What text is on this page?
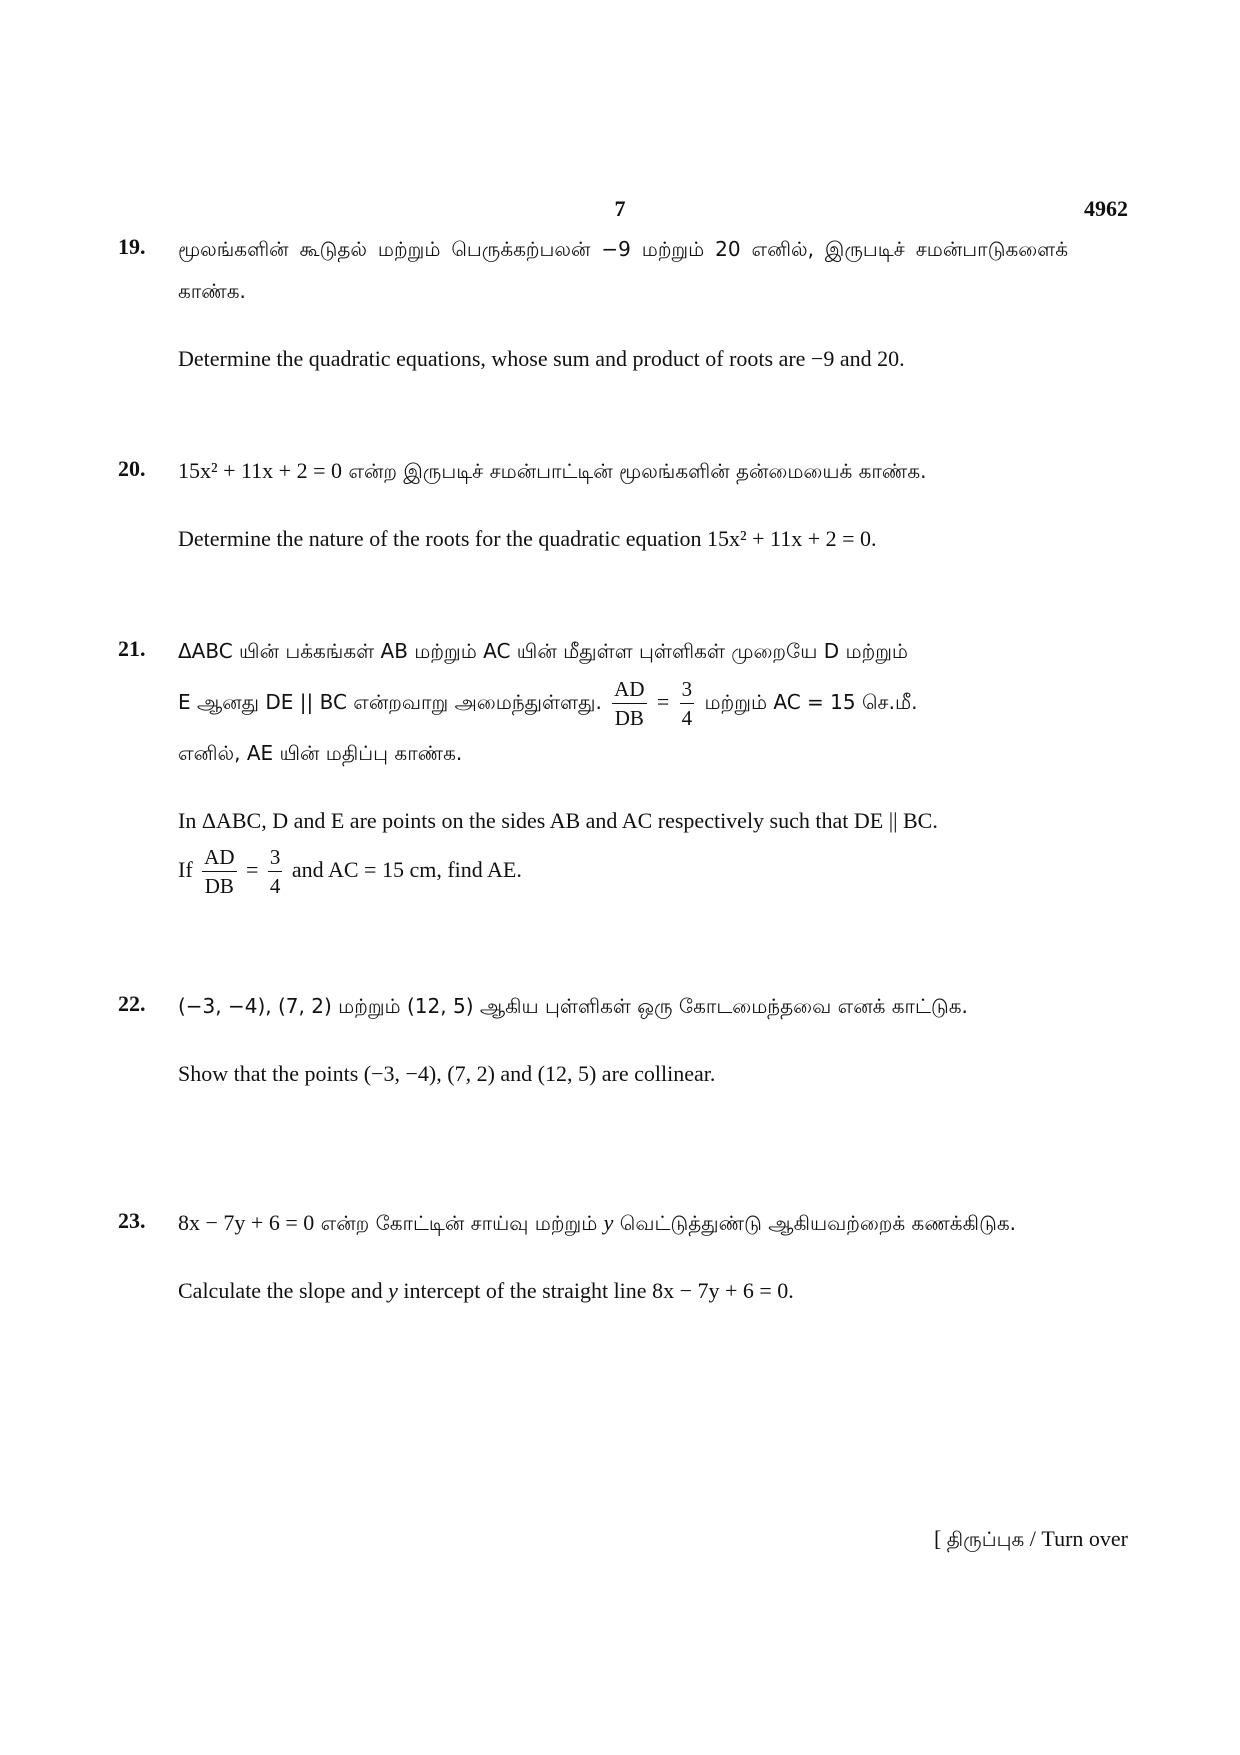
7	4962
19. மூலங்களின் கூடுதல் மற்றும் பெருக்கற்பலன் −9 மற்றும் 20 எனில், இருபடிச் சமன்பாடுகளைக் காண்க.

Determine the quadratic equations, whose sum and product of roots are −9 and 20.

20. 15x² + 11x + 2 = 0 என்ற இருபடிச் சமன்பாட்டின் மூலங்களின் தன்மையைக் காண்க.

Determine the nature of the roots for the quadratic equation 15x² + 11x + 2 = 0.

21. ΔABC யின் பக்கங்கள் AB மற்றும் AC யின் மீதுள்ள புள்ளிகள் முறையே D மற்றும்

E ஆனது DE || BC என்றவாறு அமைந்துள்ளது. $\frac{AD}{DB} = \frac{3}{4}$ மற்றும் AC = 15 செ.மீ.

எனில், AE யின் மதிப்பு காண்க.

In ΔABC, D and E are points on the sides AB and AC respectively such that DE || BC.

If $\frac{AD}{DB} = \frac{3}{4}$ and AC = 15 cm, find AE.

22. (−3, −4), (7, 2) மற்றும் (12, 5) ஆகிய புள்ளிகள் ஒரு கோடமைந்தவை எனக் காட்டுக.

Show that the points (−3, −4), (7, 2) and (12, 5) are collinear.

23. 8x − 7y + 6 = 0 என்ற கோட்டின் சாய்வு மற்றும் y வெட்டுத்துண்டு ஆகியவற்றைக் கணக்கிடுக.

Calculate the slope and y intercept of the straight line 8x − 7y + 6 = 0.

[ திருப்புக / Turn over
